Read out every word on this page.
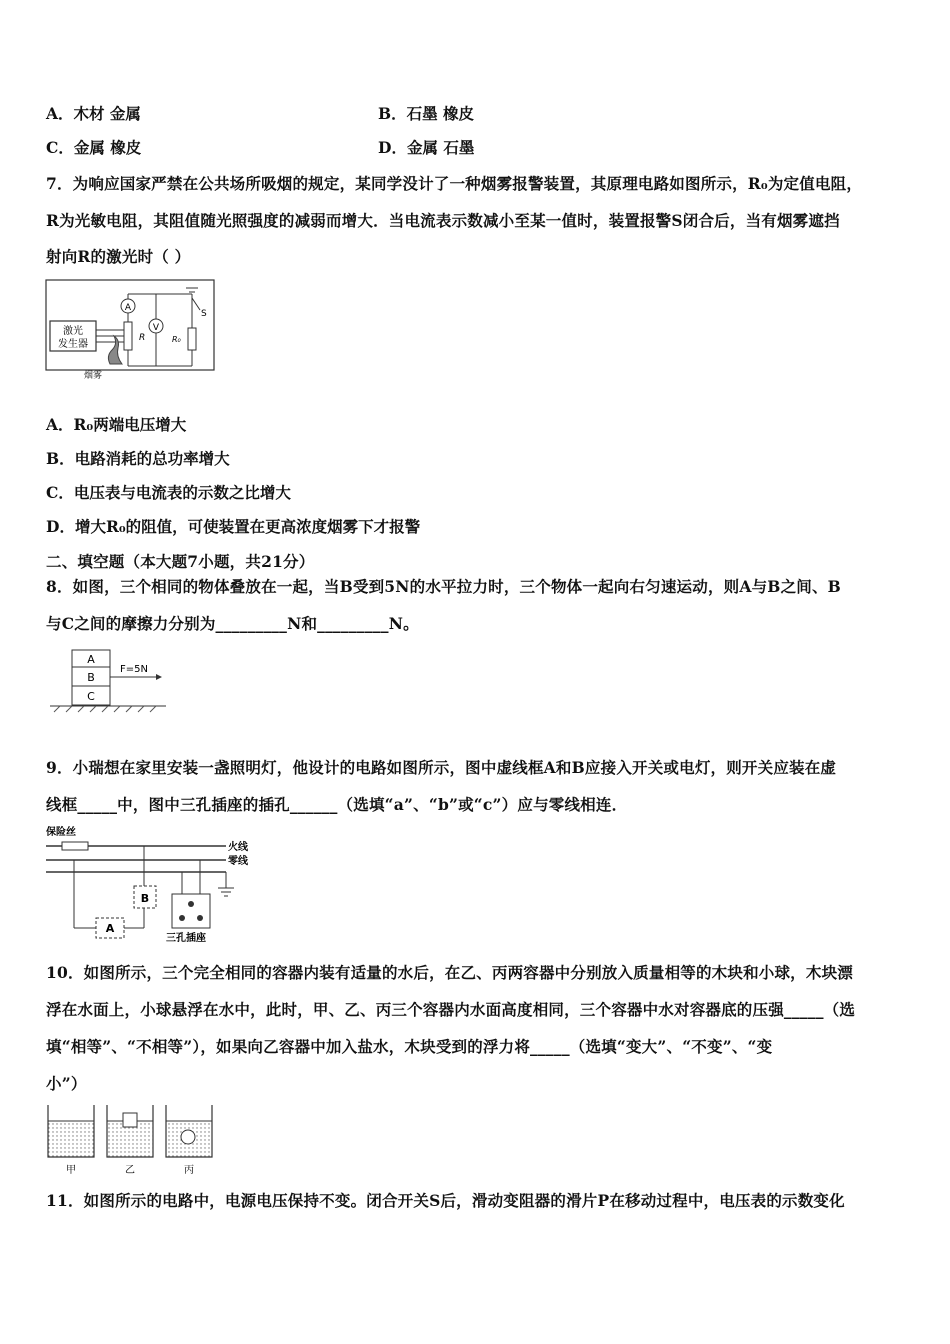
A．木材 金属	B．石墨 橡皮
C．金属 橡皮	D．金属 石墨
7．为响应国家严禁在公共场所吸烟的规定，某同学没计了一种烟雾报警装置，其原理电路如图所示，R₀为定值电阻，
R为光敏电阻，其阻值随光照强度的减弱而增大．当电流表示数减小至某一值时，装置报警S闭合后，当有烟雾遮挡
射向R的激光时（ ）
激光
发生器
A
R
V
S
R₀
烟雾
A．R₀两端电压增大
B．电路消耗的总功率增大
C．电压表与电流表的示数之比增大
D．增大R₀的阻值，可使装置在更高浓度烟雾下才报警
二、填空题（本大题7小题，共21分）
8．如图，三个相同的物体叠放在一起，当B受到5N的水平拉力时，三个物体一起向右匀速运动，则A与B之间、B
与C之间的摩擦力分别为_________N和_________N。
A
B
C
F=5N
9．小瑞想在家里安装一盏照明灯，他设计的电路如图所示，图中虚线框A和B应接入开关或电灯，则开关应装在虚
线框_____中，图中三孔插座的插孔______（选填“a”、“b”或“c”）应与零线相连．
保险丝
火线
零线
B
A
三孔插座
10．如图所示，三个完全相同的容器内装有适量的水后，在乙、丙两容器中分别放入质量相等的木块和小球，木块漂
浮在水面上，小球悬浮在水中，此时，甲、乙、丙三个容器内水面高度相同，三个容器中水对容器底的压强_____（选
填“相等”、“不相等”），如果向乙容器中加入盐水，木块受到的浮力将_____（选填“变大”、“不变”、“变
小”）
甲	乙	丙
11．如图所示的电路中，电源电压保持不变。闭合开关S后，滑动变阻器的滑片P在移动过程中，电压表的示数变化
